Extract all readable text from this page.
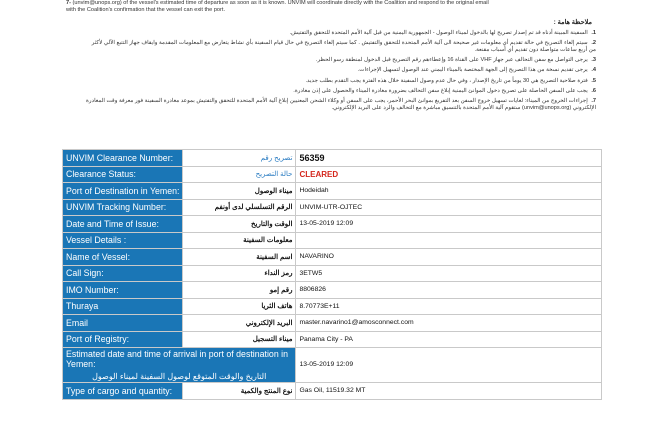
7- (unvim@unops.org) of the vessel's estimated time of departure as soon as it is known. UNVIM will coordinate directly with the Coalition and respond to the original email
with the Coalition's confirmation that the vessel can exit the port.
ملاحظة هامة :
1. السفينة المبينة أدناه قد تم إصدار تصريح لها بالدخول لميناء الوصول - الجمهورية اليمنية من قبل آلية الأمم المتحدة للتحقق والتفتيش.
2. سيتم إلغاء التصريح في حالة تقديم أي معلومات غير صحيحة الى آلية الأمم المتحدة للتحقق والتفتيش . كما سيتم إلغاء التصريح في حال قيام السفينة بأي نشاط يتعارض مع المعلومات المقدمة وايقاف جهاز التتبع الآلي لأكثر
من أربع ساعات متواصلة دون تقديم أي أسباب مقنعة.
3. يرجى التواصل مع سفن التحالف عبر جهاز VHF على القناة 16 وإعطاءهم رقم التصريح قبل الدخول لمنطقة رسو الحظر.
4. يرجى تقديم نسخة من هذا التصريح إلى الجهة المختصة بالميناء اليمني عند الوصول لتسهيل الإجراءات.
5. فترة صلاحية التصريح هي 30 يوماً من تاريخ الإصدار ، وفي حال عدم وصول السفينة خلال هذه الفترة يجب التقدم بطلب جديد.
6. يجب على السفن الحاصلة على تصريح دخول الموانئ اليمنية إبلاغ سفن التحالف بضرورة مغادرة الميناء والحصول على إذن مغادرة.
7. إجراءات الخروج من الميناء: لغايات تسهيل خروج السفن بعد التفريغ بموانئ البحر الأحمر، يجب على السفن أو وكلاء الشحن المعنيين إبلاغ آلية الأمم المتحدة للتحقق والتفتيش بموعد مغادرة السفينة فور معرفة وقت المغادرة
الإلكتروني (unvim@unops.org) ستقوم آلية الأمم المتحدة بالتنسيق مباشرة مع التحالف والرد على البريد الإلكتروني.
UNVIM Clearance Number:	تصريح رقم	56359
Clearance Status:	حالة التصريح	CLEARED
Port of Destination in Yemen:	ميناء الوصول	Hodeidah
UNVIM Tracking Number:	الرقم التسلسلي لدى أونفم	UNVIM-UTR-OJTEC
Date and Time of Issue:	الوقت والتاريخ	13-05-2019 12:09
Vessel Details :	معلومات السفينة	
Name of Vessel:	اسم السفينة	NAVARINO
Call Sign:	رمز النداء	3ETW5
IMO Number:	رقم إمو	8806826
Thuraya	هاتف الثريا	8.70773E+11
Email	البريد الإلكتروني	master.navarino1@amosconnect.com
Port of Registry:	ميناء التسجيل	Panama City - PA
Estimated date and time of arrival in port of destination in Yemen:
التاريخ والوقت المتوقع لوصول السفينة لميناء الوصول		13-05-2019 12:09
Type of cargo and quantity:	نوع المنتج والكمية	Gas Oil, 11519.32 MT
